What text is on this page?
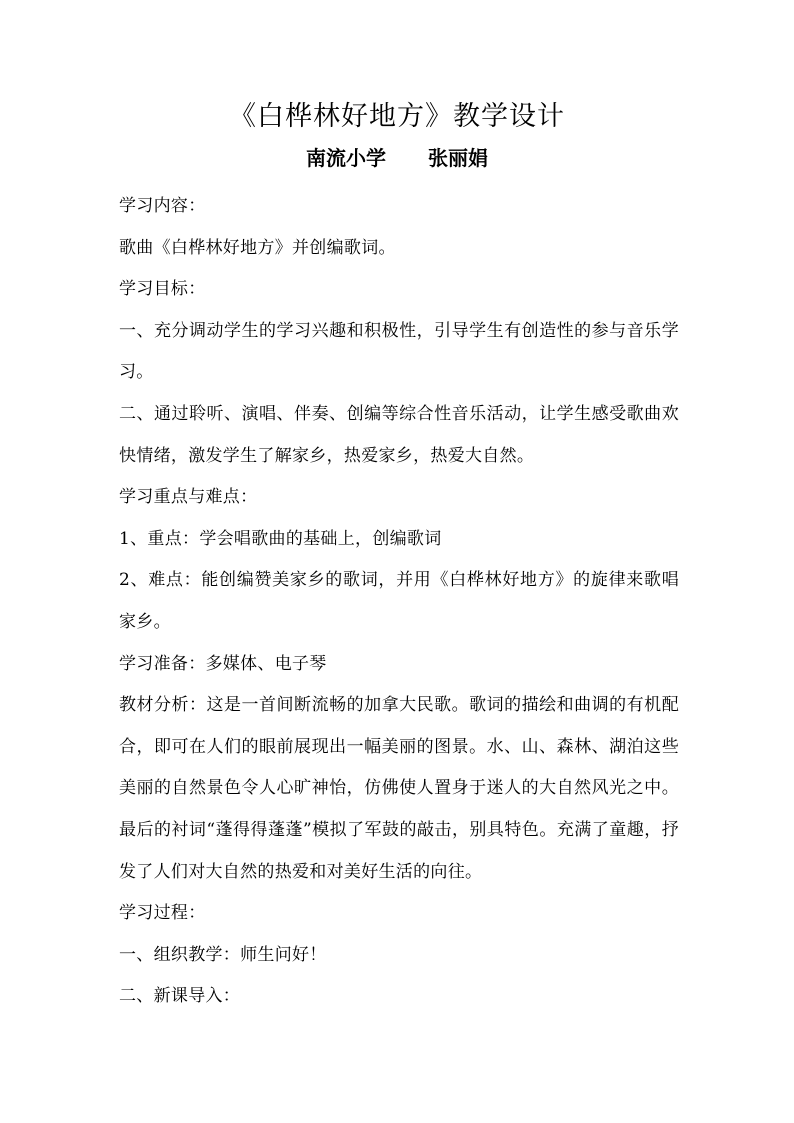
《白桦林好地方》教学设计
南流小学 张丽娟

学习内容：

歌曲《白桦林好地方》并创编歌词。

学习目标：

一、充分调动学生的学习兴趣和积极性，引导学生有创造性的参与音乐学习。

二、通过聆听、演唱、伴奏、创编等综合性音乐活动，让学生感受歌曲欢快情绪，激发学生了解家乡，热爱家乡，热爱大自然。

学习重点与难点：

1、重点：学会唱歌曲的基础上，创编歌词

2、难点：能创编赞美家乡的歌词，并用《白桦林好地方》的旋律来歌唱家乡。

学习准备：多媒体、电子琴

教材分析：这是一首间断流畅的加拿大民歌。歌词的描绘和曲调的有机配合，即可在人们的眼前展现出一幅美丽的图景。水、山、森林、湖泊这些美丽的自然景色令人心旷神怡，仿佛使人置身于迷人的大自然风光之中。最后的衬词“蓬得得蓬蓬”模拟了军鼓的敲击，别具特色。充满了童趣，抒发了人们对大自然的热爱和对美好生活的向往。

学习过程：

一、组织教学：师生问好！

二、新课导入：
